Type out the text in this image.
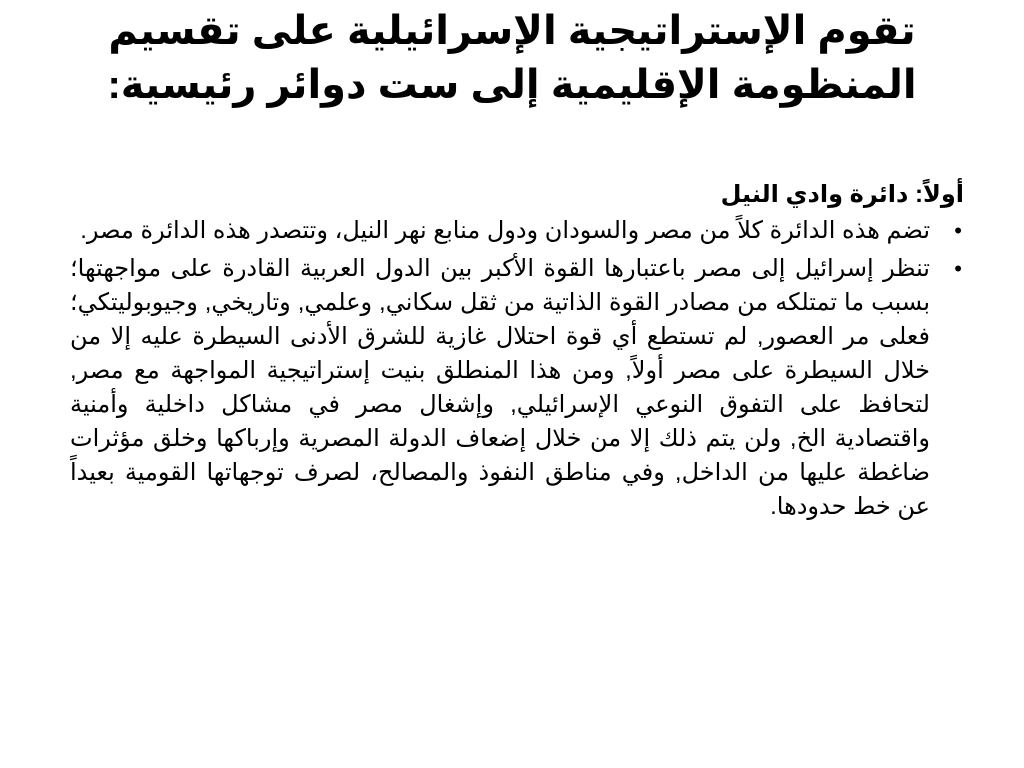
تقوم الإستراتيجية الإسرائيلية على تقسيم
المنظومة الإقليمية إلى ست دوائر رئيسية:

أولاً: دائرة وادي النيل

•
تضم هذه الدائرة كلاً من مصر والسودان ودول منابع نهر النيل، وتتصدر هذه الدائرة مصر.
•
تنظر إسرائيل إلى مصر باعتبارها القوة الأكبر بين الدول العربية القادرة على مواجهتها؛ بسبب ما تمتلكه من مصادر القوة الذاتية من ثقل سكاني, وعلمي, وتاريخي, وجيوبوليتكي؛ فعلى مر العصور, لم تستطع أي قوة احتلال غازية للشرق الأدنى السيطرة عليه إلا من خلال السيطرة على مصر أولاً, ومن هذا المنطلق بنيت إستراتيجية المواجهة مع مصر, لتحافظ على التفوق النوعي الإسرائيلي, وإشغال مصر في مشاكل داخلية وأمنية واقتصادية الخ, ولن يتم ذلك إلا من خلال إضعاف الدولة المصرية وإرباكها وخلق مؤثرات ضاغطة عليها من الداخل, وفي مناطق النفوذ والمصالح، لصرف توجهاتها القومية بعيداً عن خط حدودها.
